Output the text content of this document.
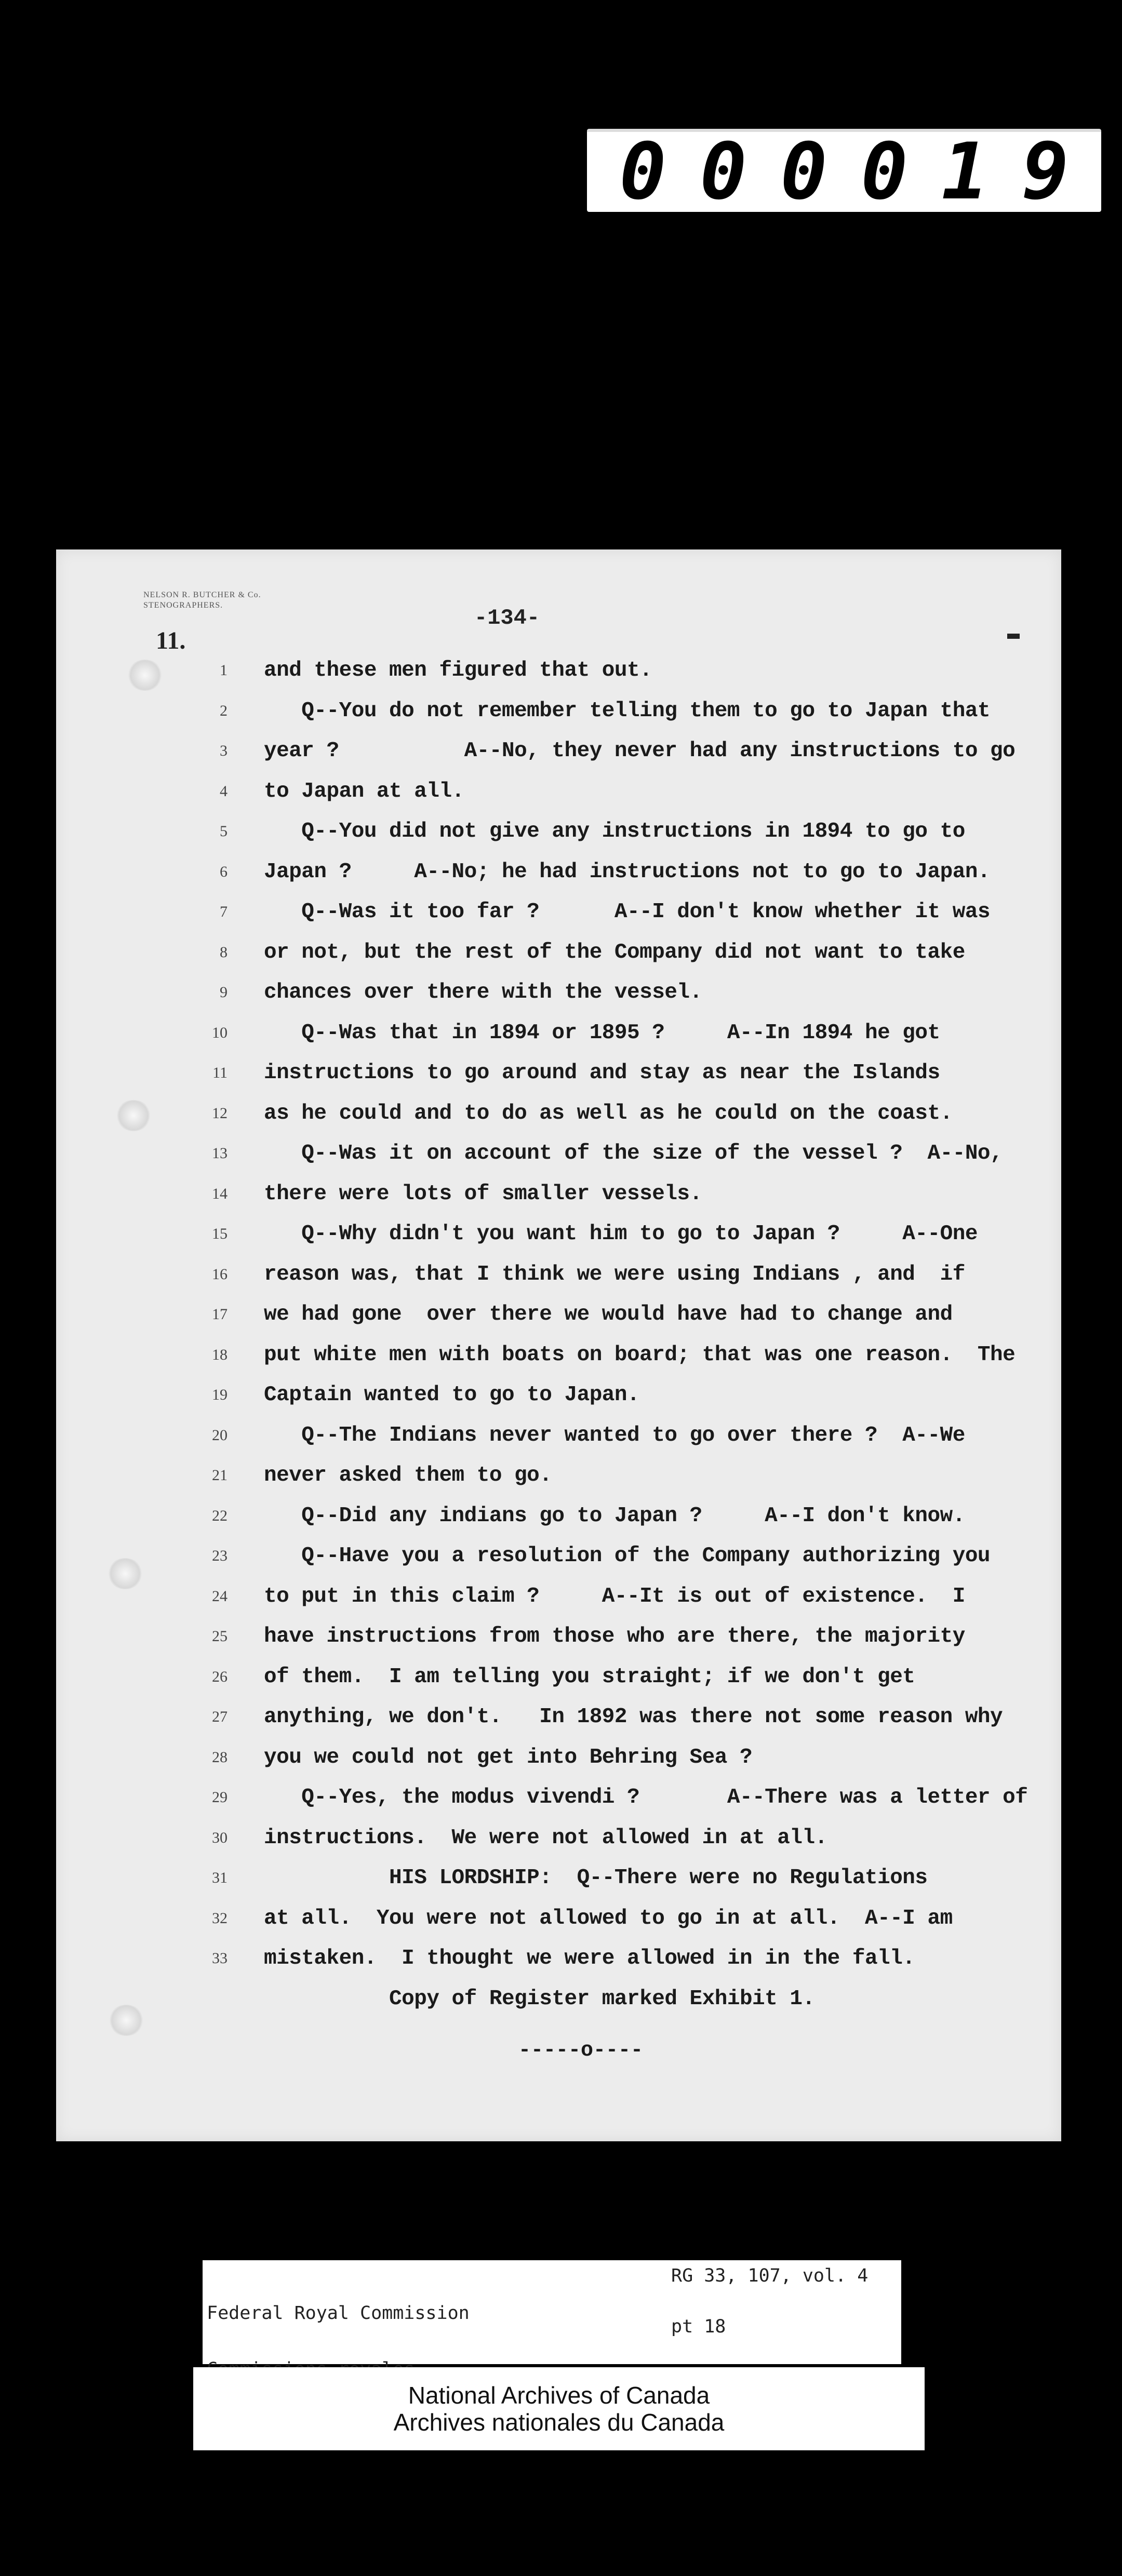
0 0 0 0 1 9
NELSON R. BUTCHER & Co.
STENOGRAPHERS.
11.
-134-
1 and these men figured that out.
2 Q--You do not remember telling them to go to Japan that
3 year ?          A--No, they never had any instructions to go
4 to Japan at all.
5 Q--You did not give any instructions in 1894 to go to
6 Japan ?     A--No; he had instructions not to go to Japan.
7 Q--Was it too far ?      A--I don't know whether it was
8 or not, but the rest of the Company did not want to take
9 chances over there with the vessel.
10 Q--Was that in 1894 or 1895 ?     A--In 1894 he got
11 instructions to go around and stay as near the Islands
12 as he could and to do as well as he could on the coast.
13 Q--Was it on account of the size of the vessel ?  A--No,
14 there were lots of smaller vessels.
15 Q--Why didn't you want him to go to Japan ?     A--One
16 reason was, that I think we were using Indians , and  if
17 we had gone  over there we would have had to change and
18 put white men with boats on board; that was one reason.  The
19 Captain wanted to go to Japan.
20 Q--The Indians never wanted to go over there ?  A--We
21 never asked them to go.
22 Q--Did any indians go to Japan ?     A--I don't know.
23 Q--Have you a resolution of the Company authorizing you
24 to put in this claim ?     A--It is out of existence.  I
25 have instructions from those who are there, the majority
26 of them.  I am telling you straight; if we don't get
27 anything, we don't.   In 1892 was there not some reason why
28 you we could not get into Behring Sea ?
29 Q--Yes, the modus vivendi ?       A--There was a letter of
30 instructions.  We were not allowed in at all.
31 HIS LORDSHIP:  Q--There were no Regulations
32 at all.  You were not allowed to go in at all.  A--I am
33 mistaken.  I thought we were allowed in in the fall.
Copy of Register marked Exhibit 1.
-----o----

Federal Royal Commission

RG 33, 107, vol. 4
pt 18
National Archives of Canada
Archives nationales du Canada
